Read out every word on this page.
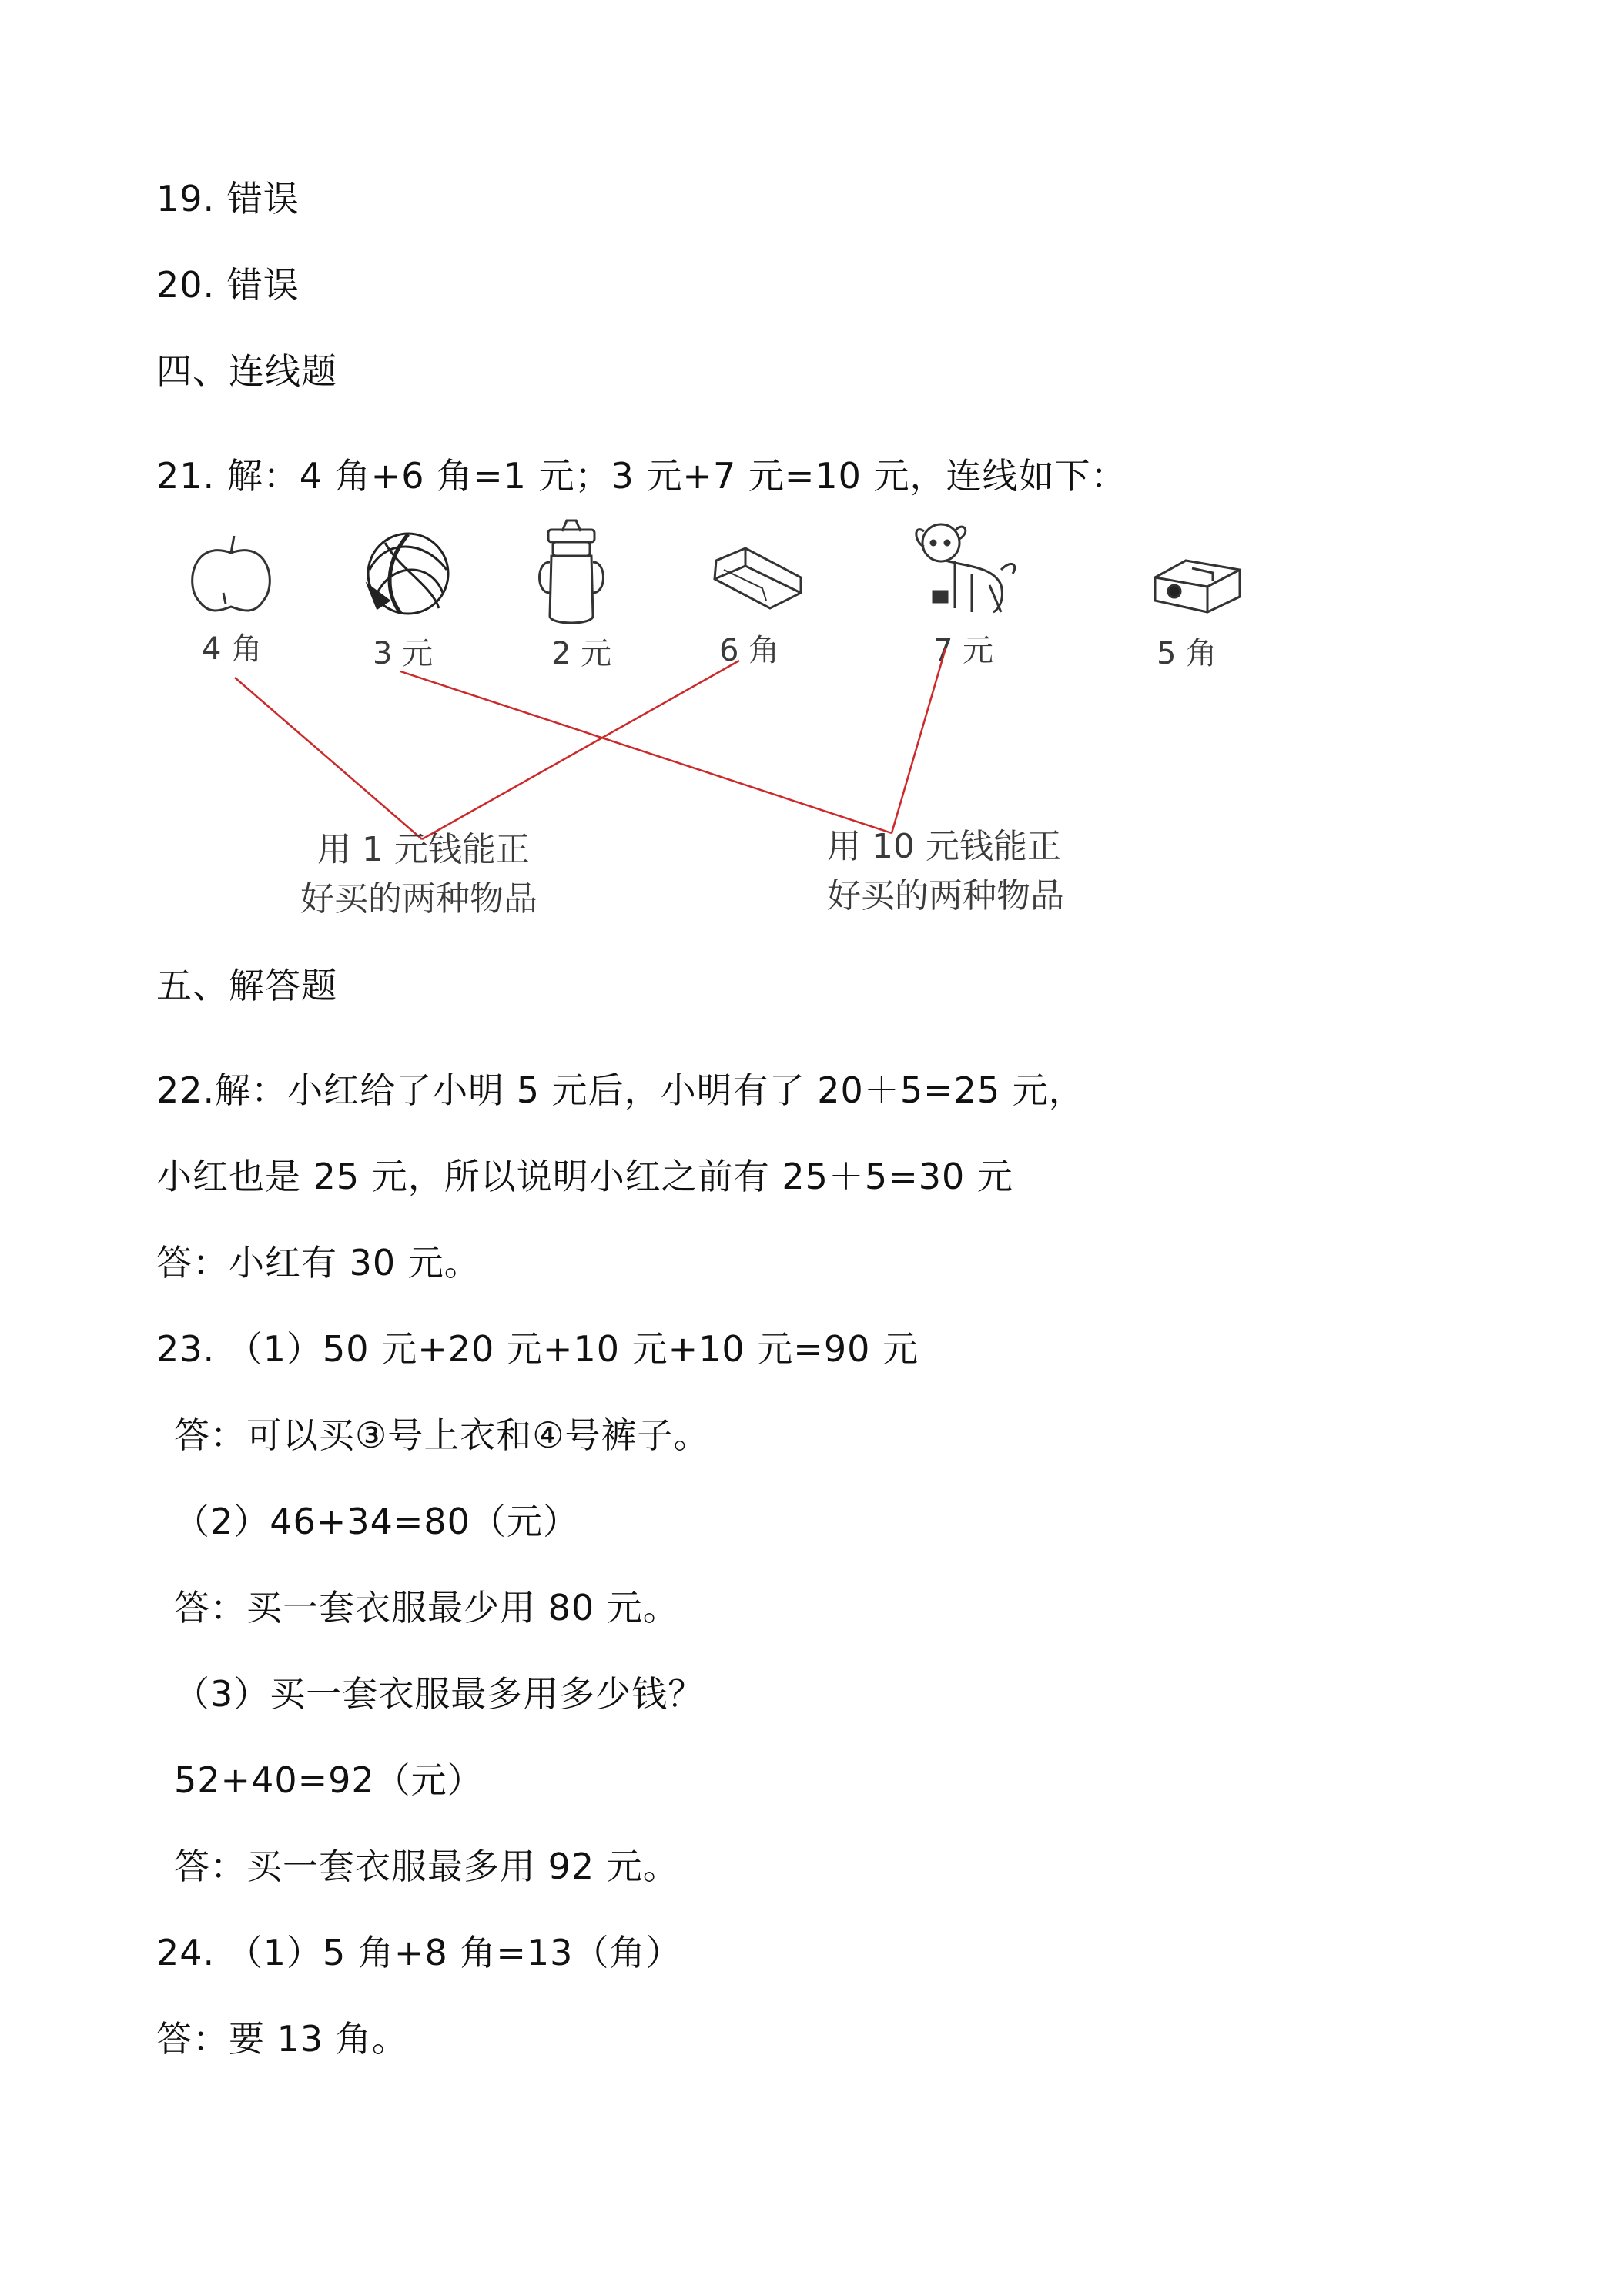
19. 错误
20. 错误
四、连线题
21. 解：4 角+6 角=1 元；3 元+7 元=10 元，连线如下：
4 角	3 元	2 元	6 角	7 元	5 角
用 1 元钱能正
好买的两种物品
用 10 元钱能正
好买的两种物品
五、解答题
22.解：小红给了小明 5 元后，小明有了 20＋5=25 元，
小红也是 25 元，所以说明小红之前有 25＋5=30 元
答：小红有 30 元。
23. （1）50 元+20 元+10 元+10 元=90 元
答：可以买③号上衣和④号裤子。
（2）46+34=80（元）
答：买一套衣服最少用 80 元。
（3）买一套衣服最多用多少钱？
52+40=92（元）
答：买一套衣服最多用 92 元。
24. （1）5 角+8 角=13（角）
答：要 13 角。
